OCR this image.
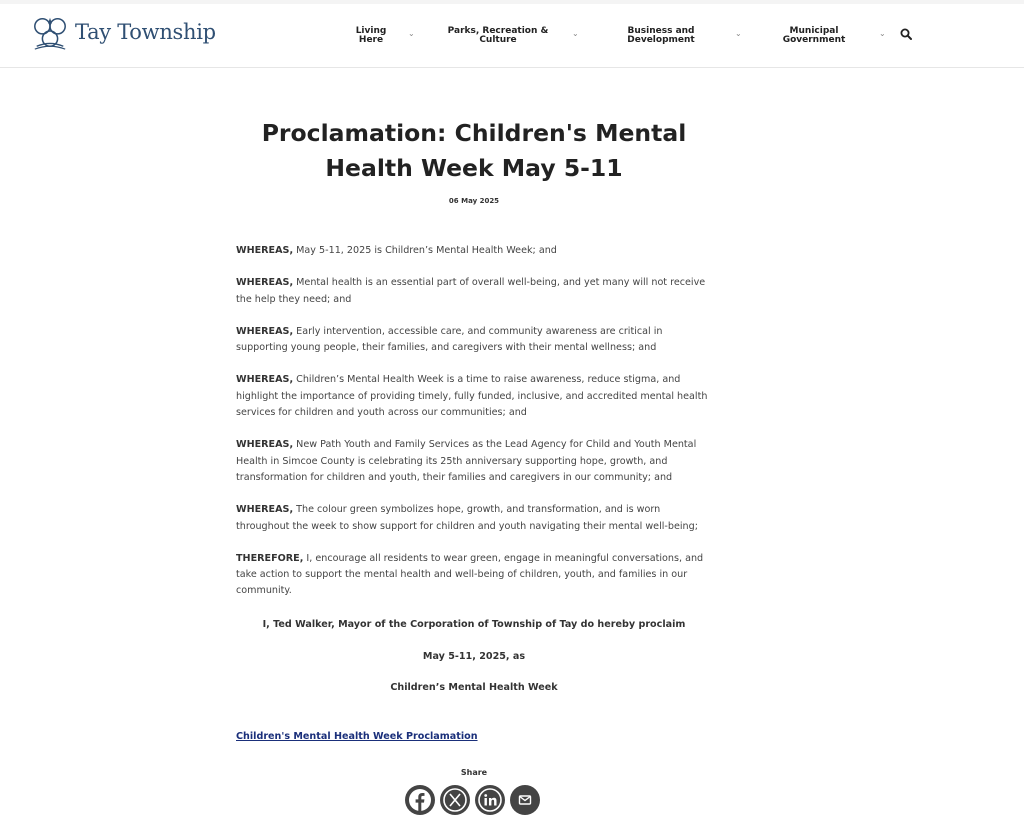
Tay Township	Living
Here
⌄	Parks, Recreation &
Culture
⌄	Business and
Development
⌄	Municipal
Government
⌄
Proclamation: Children's Mental Health Week May 5-11
06 May 2025

WHEREAS, May 5-11, 2025 is Children’s Mental Health Week; and

WHEREAS, Mental health is an essential part of overall well-being, and yet many will not receive the help they need; and

WHEREAS, Early intervention, accessible care, and community awareness are critical in supporting young people, their families, and caregivers with their mental wellness; and

WHEREAS, Children’s Mental Health Week is a time to raise awareness, reduce stigma, and highlight the importance of providing timely, fully funded, inclusive, and accredited mental health services for children and youth across our communities; and

WHEREAS, New Path Youth and Family Services as the Lead Agency for Child and Youth Mental Health in Simcoe County is celebrating its 25th anniversary supporting hope, growth, and transformation for children and youth, their families and caregivers in our community; and

WHEREAS, The colour green symbolizes hope, growth, and transformation, and is worn throughout the week to show support for children and youth navigating their mental well-being;

THEREFORE, I, encourage all residents to wear green, engage in meaningful conversations, and take action to support the mental health and well-being of children, youth, and families in our community.

I, Ted Walker, Mayor of the Corporation of Township of Tay do hereby proclaim
May 5-11, 2025, as
Children’s Mental Health Week
Children's Mental Health Week Proclamation
Share
